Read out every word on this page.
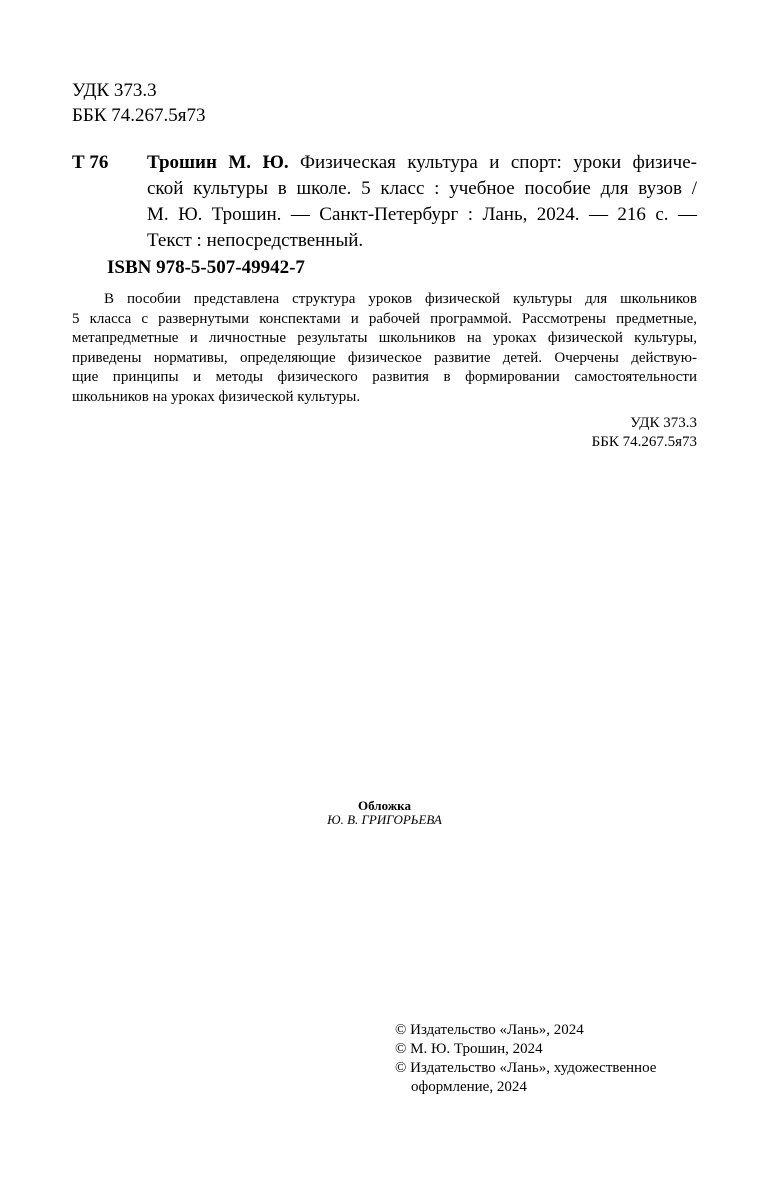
УДК 373.3
ББК 74.267.5я73
Т 76 Трошин М. Ю. Физическая культура и спорт: уроки физиче-
ской культуры в школе. 5 класс : учебное пособие для вузов /
М. Ю. Трошин. — Санкт-Петербург : Лань, 2024. — 216 с. —
Текст : непосредственный.
ISBN 978-5-507-49942-7
В пособии представлена структура уроков физической культуры для школьников
5 класса с развернутыми конспектами и рабочей программой. Рассмотрены предметные,
метапредметные и личностные результаты школьников на уроках физической культуры,
приведены нормативы, определяющие физическое развитие детей. Очерчены действую-
щие принципы и методы физического развития в формировании самостоятельности
школьников на уроках физической культуры.
УДК 373.3
ББК 74.267.5я73
Обложка
Ю. В. ГРИГОРЬЕВА
© Издательство «Лань», 2024
© М. Ю. Трошин, 2024
© Издательство «Лань», художественное
оформление, 2024
